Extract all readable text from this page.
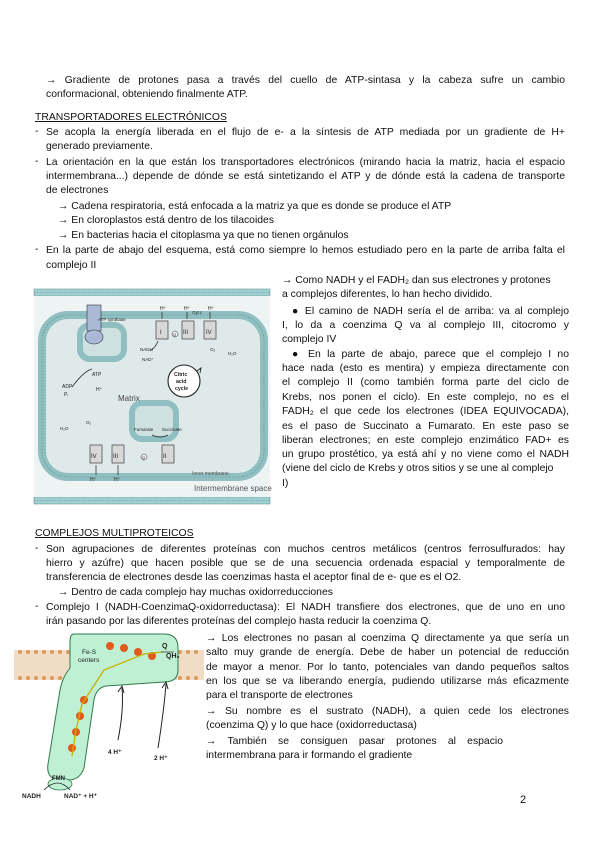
→ Gradiente de protones pasa a través del cuello de ATP-sintasa y la cabeza sufre un cambio
conformacional, obteniendo finalmente ATP.
TRANSPORTADORES ELECTRÓNICOS
- Se acopla la energía liberada en el flujo de e- a la síntesis de ATP mediada por un gradiente de H+
generado previamente.
- La orientación en la que están los transportadores electrónicos (mirando hacia la matriz, hacia el espacio
intermembrana...) depende de dónde se está sintetizando el ATP y de dónde está la cadena de transporte
de electrones
→ Cadena respiratoria, está enfocada a la matriz ya que es donde se produce el ATP
→ En cloroplastos está dentro de los tilacoides
→ En bacterias hacia el citoplasma ya que no tienen orgánulos
- En la parte de abajo del esquema, está como siempre lo hemos estudiado pero en la parte de arriba falta el
complejo II
→ Como NADH y el FADH₂ dan sus electrones y protones
a complejos diferentes, lo han hecho dividido.
● El camino de NADH sería el de arriba: va al complejo
I, lo da a coenzima Q va al complejo III, citocromo y
complejo IV
● En la parte de abajo, parece que el complejo I no
hace nada (esto es mentira) y empieza directamente con
el complejo II (como también forma parte del ciclo de
Krebs, nos ponen el ciclo). En este complejo, no es el
FADH₂ el que cede los electrones (IDEA EQUIVOCADA),
es el paso de Succinato a Fumarato. En este paso se
liberan electrones; en este complejo enzimático FAD+ es
un grupo prostético, ya está ahí y no viene como el NADH
(viene del ciclo de Krebs y otros sitios y se une al complejo
I)
Inner membrane
Intermembrane space
Matrix
ATP synthase
ADP
Pᵢ
ATP
H⁺
I	III	IV
Q
Cyt c
H⁺	H⁺	H⁺
NADH
NAD⁺
O₂
H₂O
Citric
acid
cycle
IV	III	II
Q
Fumarate Succinate
H₂O
O₂
H⁺	H⁺
COMPLEJOS MULTIPROTEICOS
- Son agrupaciones de diferentes proteínas con muchos centros metálicos (centros ferrosulfurados: hay
hierro y azúfre) que hacen posible que se de una secuencia ordenada espacial y temporalmente de
transferencia de electrones desde las coenzimas hasta el aceptor final de e- que es el O2.
→ Dentro de cada complejo hay muchas oxidorreducciones
- Complejo I (NADH-CoenzimaQ-oxidorreductasa): El NADH transfiere dos electrones, que de uno en uno
irán pasando por las diferentes proteínas del complejo hasta reducir la coenzima Q.
→ Los electrones no pasan al coenzima Q directamente ya que sería un
salto muy grande de energía. Debe de haber un potencial de reducción
de mayor a menor. Por lo tanto, potenciales van dando pequeños saltos
en los que se va liberando energía, pudiendo utilizarse más eficazmente
para el transporte de electrones
→ Su nombre es el sustrato (NADH), a quien cede los electrones
(coenzima Q) y lo que hace (oxidorreductasa)
→ También se consiguen pasar protones al espacio
intermembrana para ir formando el gradiente
Fe-S
centers
Q
QH₂
4 H⁺
2 H⁺
FMN
NADH	NAD⁺ + H⁺	2
